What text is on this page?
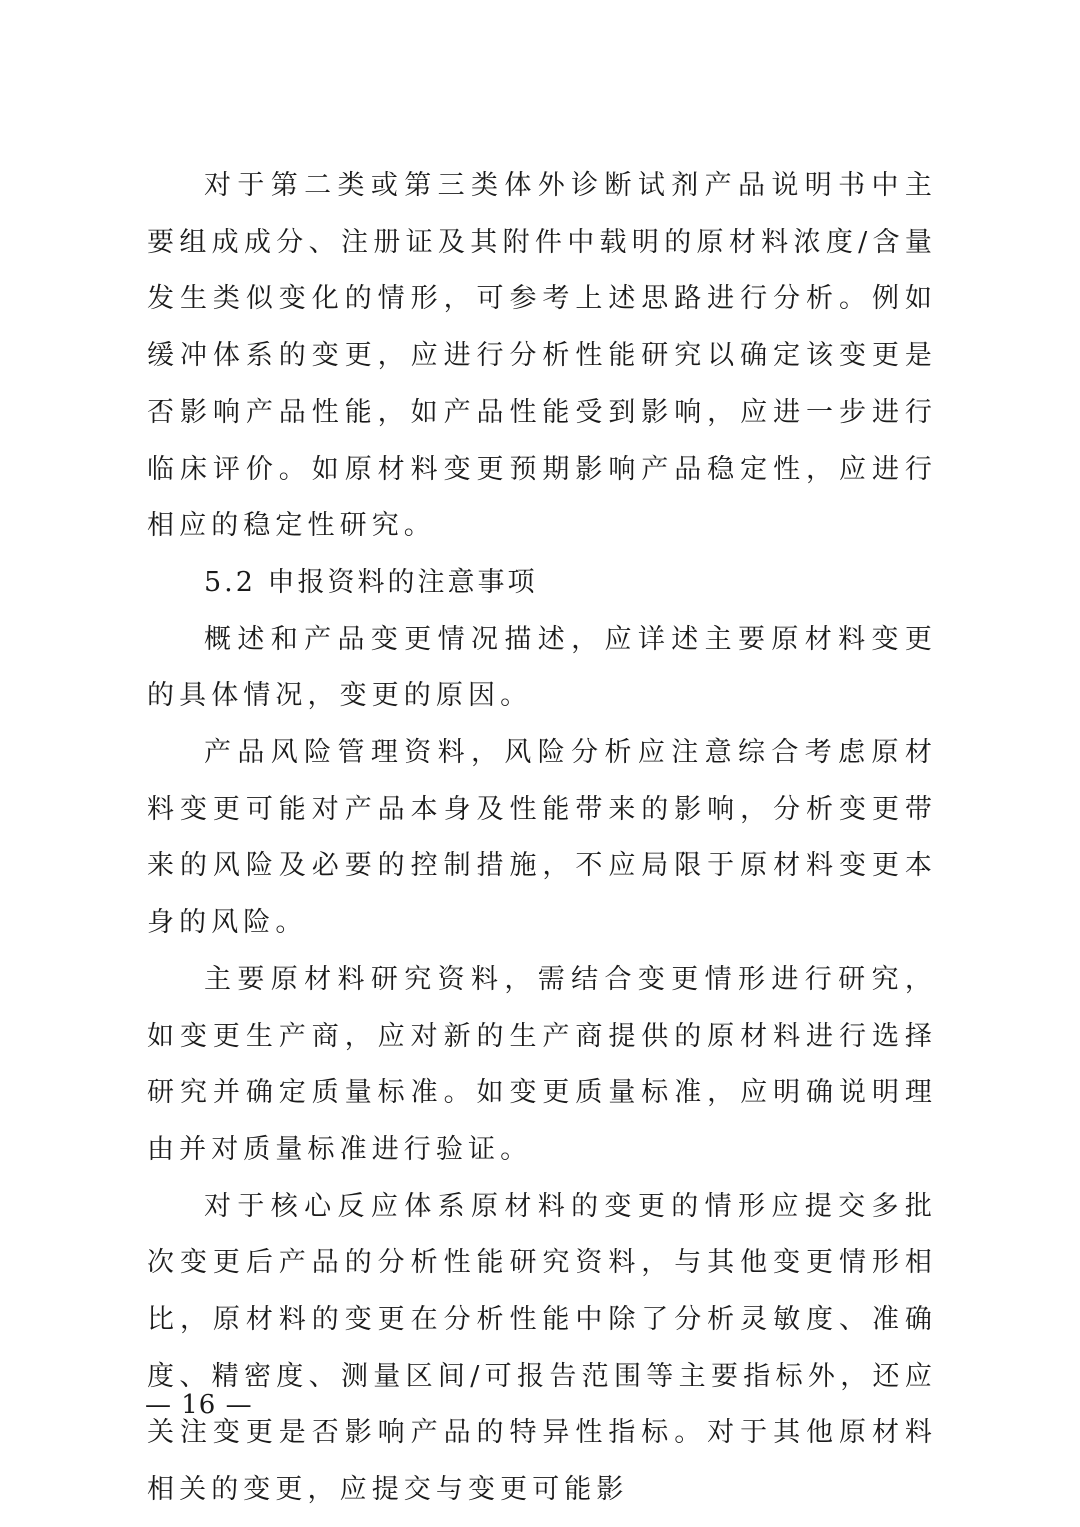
对于第二类或第三类体外诊断试剂产品说明书中主要组成成分、注册证及其附件中载明的原材料浓度/含量发生类似变化的情形，可参考上述思路进行分析。例如缓冲体系的变更，应进行分析性能研究以确定该变更是否影响产品性能，如产品性能受到影响，应进一步进行临床评价。如原材料变更预期影响产品稳定性，应进行相应的稳定性研究。

5.2 申报资料的注意事项

概述和产品变更情况描述，应详述主要原材料变更的具体情况，变更的原因。

产品风险管理资料，风险分析应注意综合考虑原材料变更可能对产品本身及性能带来的影响，分析变更带来的风险及必要的控制措施，不应局限于原材料变更本身的风险。

主要原材料研究资料，需结合变更情形进行研究，如变更生产商，应对新的生产商提供的原材料进行选择研究并确定质量标准。如变更质量标准，应明确说明理由并对质量标准进行验证。

对于核心反应体系原材料的变更的情形应提交多批次变更后产品的分析性能研究资料，与其他变更情形相比，原材料的变更在分析性能中除了分析灵敏度、准确度、精密度、测量区间/可报告范围等主要指标外，还应关注变更是否影响产品的特异性指标。对于其他原材料相关的变更，应提交与变更可能影

— 16 —
